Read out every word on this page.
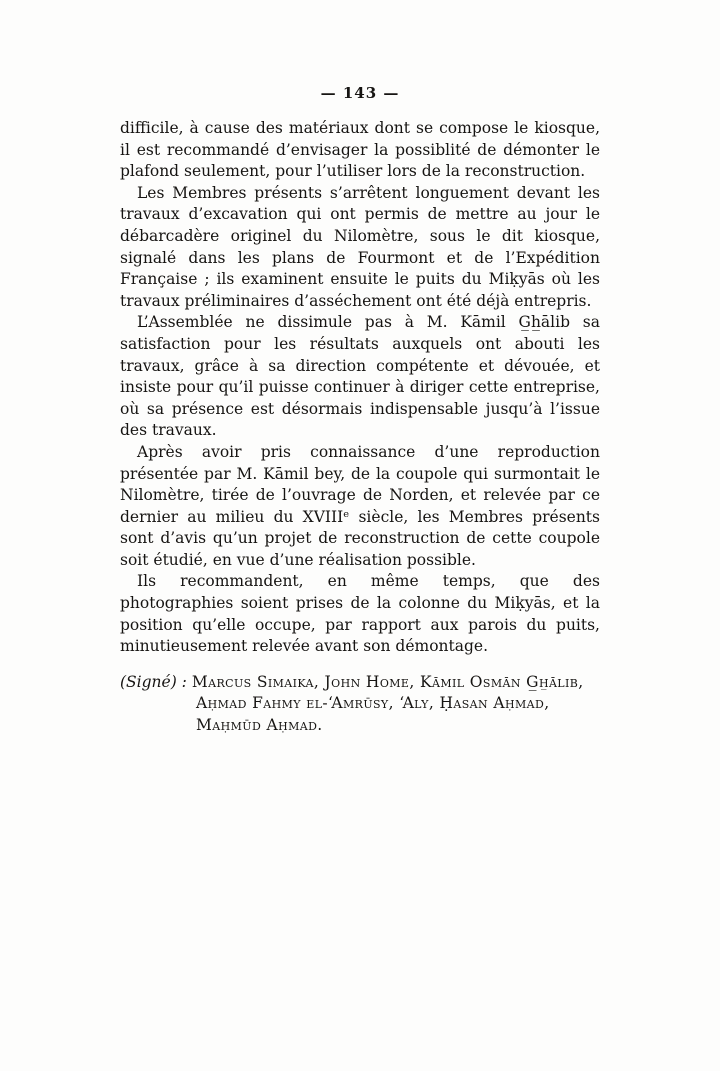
— 143 —

difficile, à cause des matériaux dont se compose le kiosque, il est recommandé d’envisager la possiblité de démonter le plafond seulement, pour l’utiliser lors de la reconstruction.

Les Membres présents s’arrêtent longuement devant les travaux d’excavation qui ont permis de mettre au jour le débarcadère originel du Nilomètre, sous le dit kiosque, signalé dans les plans de Fourmont et de l’Expédition Française ; ils examinent ensuite le puits du Miḳyās où les travaux préliminaires d’asséchement ont été déjà entrepris.

L’Assemblée ne dissimule pas à M. Kāmil G̲h̲ālib sa satisfaction pour les résultats auxquels ont abouti les travaux, grâce à sa direction compétente et dévouée, et insiste pour qu’il puisse continuer à diriger cette entreprise, où sa présence est désormais indispensable jusqu’à l’issue des travaux.

Après avoir pris connaissance d’une reproduction présentée par M. Kāmil bey, de la coupole qui surmontait le Nilomètre, tirée de l’ouvrage de Norden, et relevée par ce dernier au milieu du XVIIIᵉ siècle, les Membres présents sont d’avis qu’un projet de reconstruction de cette coupole soit étudié, en vue d’une réalisation possible.

Ils recommandent, en même temps, que des photographies soient prises de la colonne du Miḳyās, et la position qu’elle occupe, par rapport aux parois du puits, minutieusement relevée avant son démontage.

(Signé) : Marcus Simaika, John Home, Kāmil Osmān G̲h̲ālib, Aḥmad Fahmy el-‘Amrūsy, ‘Aly, Ḥasan Aḥmad, Maḥmūd Aḥmad.
